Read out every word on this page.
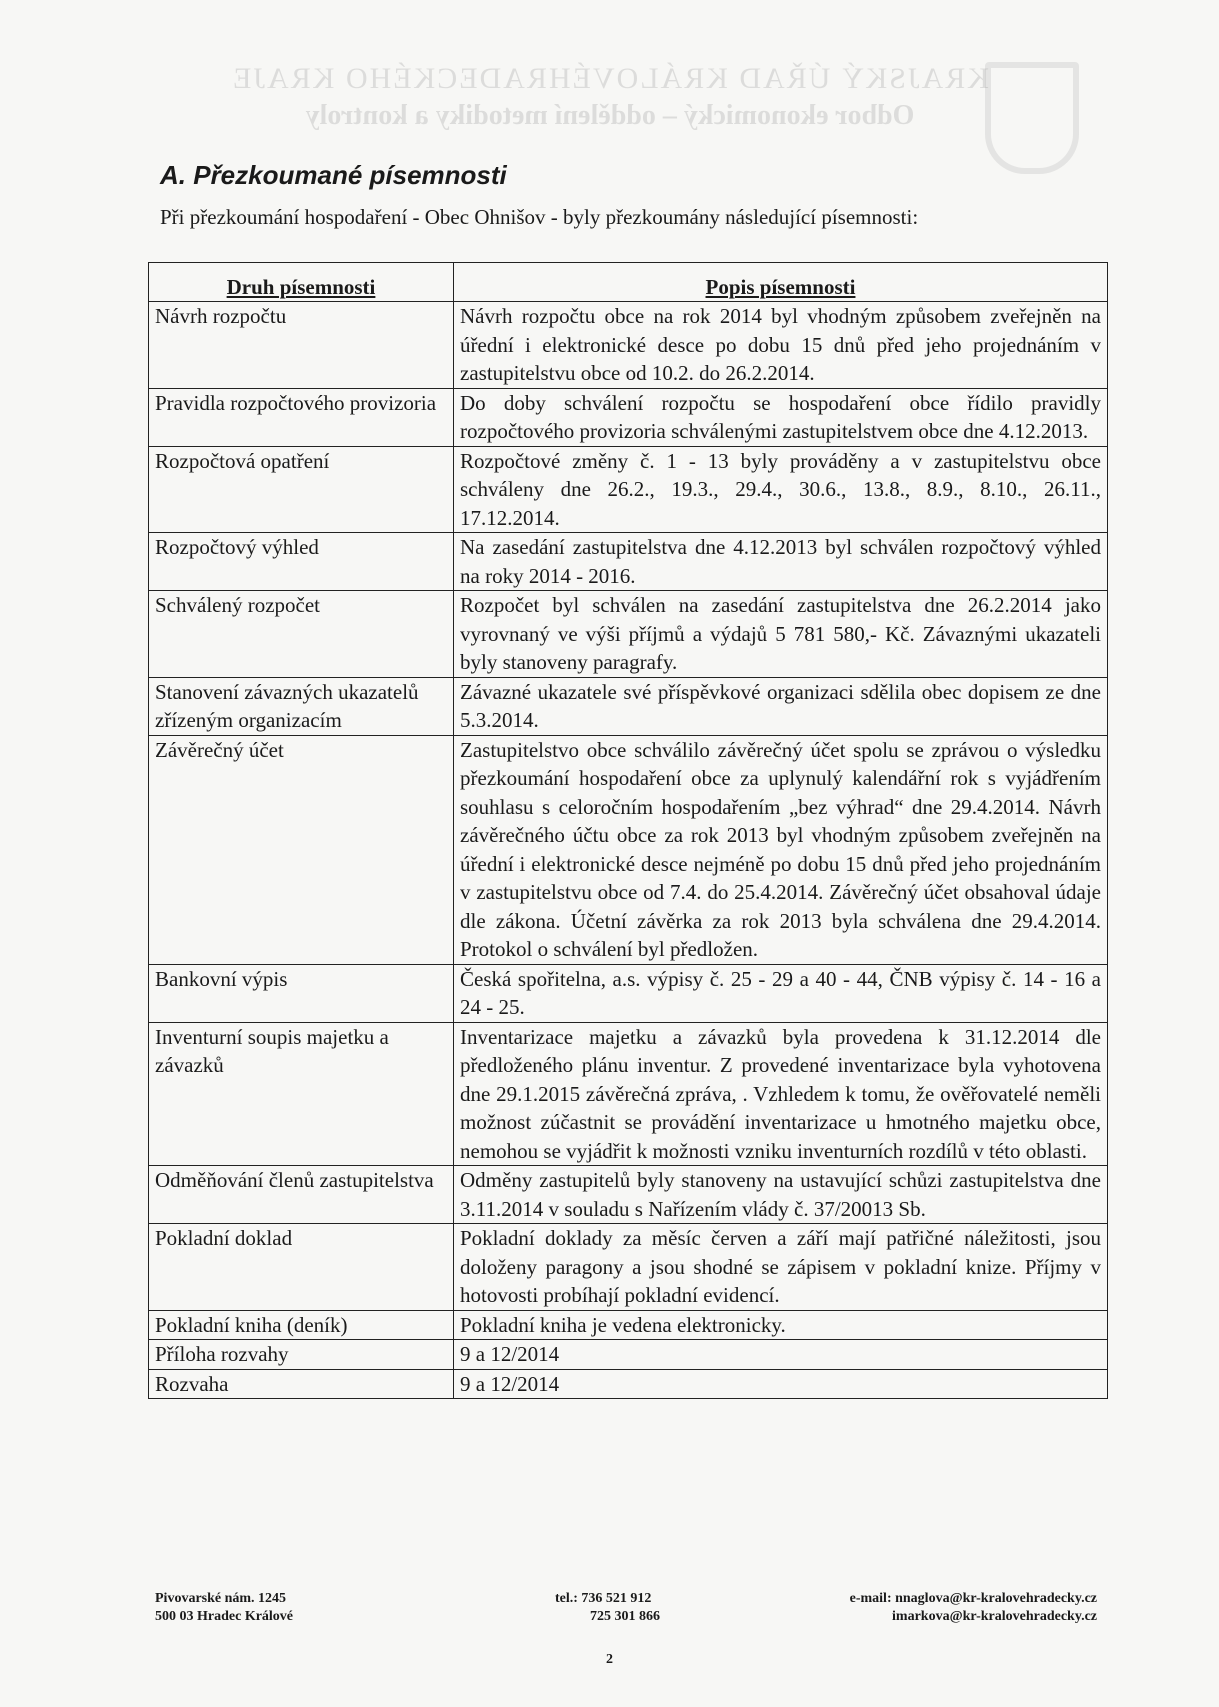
KRAJSKÝ ÚŘAD KRÁLOVÉHRADECKÉHO KRAJE
Odbor ekonomický – oddělení metodiky a kontroly
A. Přezkoumané písemnosti
Při přezkoumání hospodaření - Obec Ohnišov - byly přezkoumány následující písemnosti:
Druh písemnosti	Popis písemnosti
Návrh rozpočtu	Návrh rozpočtu obce na rok 2014 byl vhodným způsobem zveřejněn na úřední i elektronické desce po dobu 15 dnů před jeho projednáním v zastupitelstvu obce od 10.2. do 26.2.2014.
Pravidla rozpočtového provizoria	Do doby schválení rozpočtu se hospodaření obce řídilo pravidly rozpočtového provizoria schválenými zastupitelstvem obce dne 4.12.2013.
Rozpočtová opatření	Rozpočtové změny č. 1 - 13 byly prováděny a v zastupitelstvu obce schváleny dne 26.2., 19.3., 29.4., 30.6., 13.8., 8.9., 8.10., 26.11., 17.12.2014.
Rozpočtový výhled	Na zasedání zastupitelstva dne 4.12.2013 byl schválen rozpočtový výhled na roky 2014 - 2016.
Schválený rozpočet	Rozpočet byl schválen na zasedání zastupitelstva dne 26.2.2014 jako vyrovnaný ve výši příjmů a výdajů 5 781 580,- Kč. Závaznými ukazateli byly stanoveny paragrafy.
Stanovení závazných ukazatelů zřízeným organizacím	Závazné ukazatele své příspěvkové organizaci sdělila obec dopisem ze dne 5.3.2014.
Závěrečný účet	Zastupitelstvo obce schválilo závěrečný účet spolu se zprávou o výsledku přezkoumání hospodaření obce za uplynulý kalendářní rok s vyjádřením souhlasu s celoročním hospodařením „bez výhrad“ dne 29.4.2014. Návrh závěrečného účtu obce za rok 2013 byl vhodným způsobem zveřejněn na úřední i elektronické desce nejméně po dobu 15 dnů před jeho projednáním v zastupitelstvu obce od 7.4. do 25.4.2014. Závěrečný účet obsahoval údaje dle zákona. Účetní závěrka za rok 2013 byla schválena dne 29.4.2014. Protokol o schválení byl předložen.
Bankovní výpis	Česká spořitelna, a.s. výpisy č. 25 - 29 a 40 - 44, ČNB výpisy č. 14 - 16 a 24 - 25.
Inventurní soupis majetku a závazků	Inventarizace majetku a závazků byla provedena k 31.12.2014 dle předloženého plánu inventur. Z provedené inventarizace byla vyhotovena dne 29.1.2015 závěrečná zpráva, . Vzhledem k tomu, že ověřovatelé neměli možnost zúčastnit se provádění inventarizace u hmotného majetku obce, nemohou se vyjádřit k možnosti vzniku inventurních rozdílů v této oblasti.
Odměňování členů zastupitelstva	Odměny zastupitelů byly stanoveny na ustavující schůzi zastupitelstva dne 3.11.2014 v souladu s Nařízením vlády č. 37/20013 Sb.
Pokladní doklad	Pokladní doklady za měsíc červen a září mají patřičné náležitosti, jsou doloženy paragony a jsou shodné se zápisem v pokladní knize. Příjmy v hotovosti probíhají pokladní evidencí.
Pokladní kniha (deník)	Pokladní kniha je vedena elektronicky.
Příloha rozvahy	9 a 12/2014
Rozvaha	9 a 12/2014
Pivovarské nám. 1245
500 03 Hradec Králové
tel.: 736 521 912
725 301 866
e-mail: nnaglova@kr-kralovehradecky.cz
imarkova@kr-kralovehradecky.cz
2
